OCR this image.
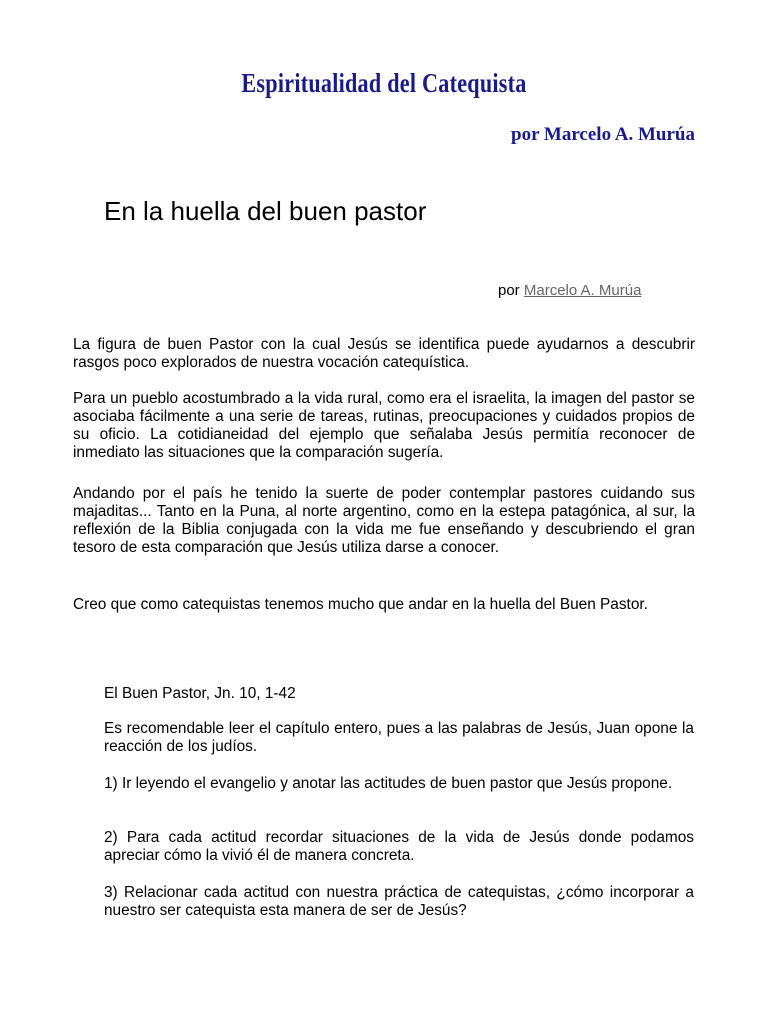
Espiritualidad del Catequista
por Marcelo A. Murúa
En la huella del buen pastor
por Marcelo A. Murúa

La figura de buen Pastor con la cual Jesús se identifica puede ayudarnos a descubrir rasgos poco explorados de nuestra vocación catequística.

Para un pueblo acostumbrado a la vida rural, como era el israelita, la imagen del pastor se asociaba fácilmente a una serie de tareas, rutinas, preocupaciones y cuidados propios de su oficio. La cotidianeidad del ejemplo que señalaba Jesús permitía reconocer de inmediato las situaciones que la comparación sugería.

Andando por el país he tenido la suerte de poder contemplar pastores cuidando sus majaditas... Tanto en la Puna, al norte argentino, como en la estepa patagónica, al sur, la reflexión de la Biblia conjugada con la vida me fue enseñando y descubriendo el gran tesoro de esta comparación que Jesús utiliza darse a conocer.

Creo que como catequistas tenemos mucho que andar en la huella del Buen Pastor.

El Buen Pastor, Jn. 10, 1-42

Es recomendable leer el capítulo entero, pues a las palabras de Jesús, Juan opone la reacción de los judíos.

1) Ir leyendo el evangelio y anotar las actitudes de buen pastor que Jesús propone.

2) Para cada actitud recordar situaciones de la vida de Jesús donde podamos apreciar cómo la vivió él de manera concreta.

3) Relacionar cada actitud con nuestra práctica de catequistas, ¿cómo incorporar a nuestro ser catequista esta manera de ser de Jesús?
